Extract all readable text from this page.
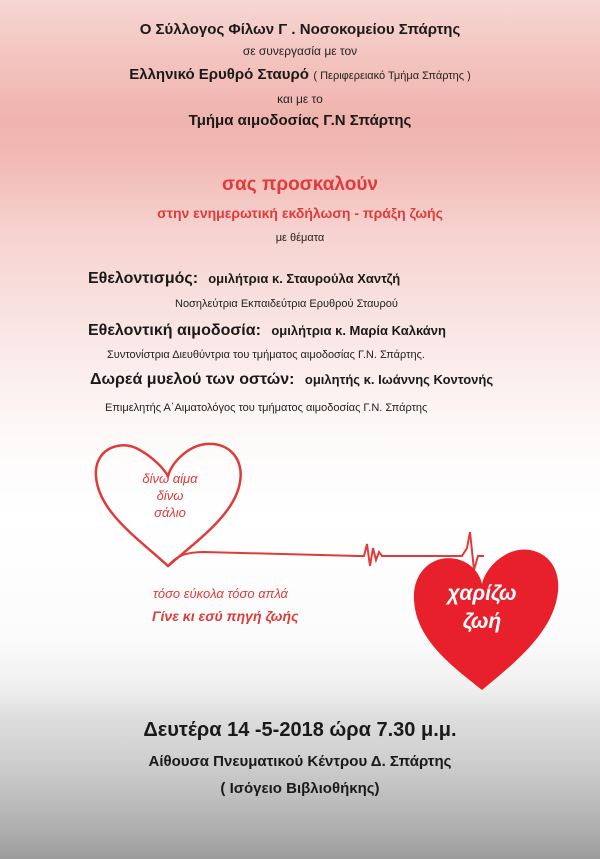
Ο Σύλλογος Φίλων Γ . Νοσοκομείου Σπάρτης
σε συνεργασία με τον
Ελληνικό Ερυθρό Σταυρό ( Περιφερειακό Τμήμα Σπάρτης )
και με το
Τμήμα αιμοδοσίας Γ.Ν Σπάρτης
σας προσκαλούν
στην ενημερωτική εκδήλωση - πράξη ζωής
με θέματα
Εθελοντισμός: ομιλήτρια κ. Σταυρούλα Χαντζή
Νοσηλεύτρια Εκπαιδεύτρια Ερυθρού Σταυρού
Εθελοντική αιμοδοσία: ομιλήτρια κ. Μαρία Καλκάνη
Συντονίστρια Διευθύντρια του τμήματος αιμοδοσίας Γ.Ν. Σπάρτης.
Δωρεά μυελού των οστών: ομιλητής κ. Ιωάννης Κοντονής
Επιμελητής Α΄Αιματολόγος του τμήματος αιμοδοσίας Γ.Ν. Σπάρτης
δίνω αίμα
δίνω
σάλιο
τόσο εύκολα τόσο απλά
Γίνε κι εσύ πηγή ζωής
χαρίζω
ζωή
Δευτέρα 14 -5-2018 ώρα 7.30 μ.μ.
Αίθουσα Πνευματικού Κέντρου Δ. Σπάρτης
( Ισόγειο Βιβλιοθήκης)
